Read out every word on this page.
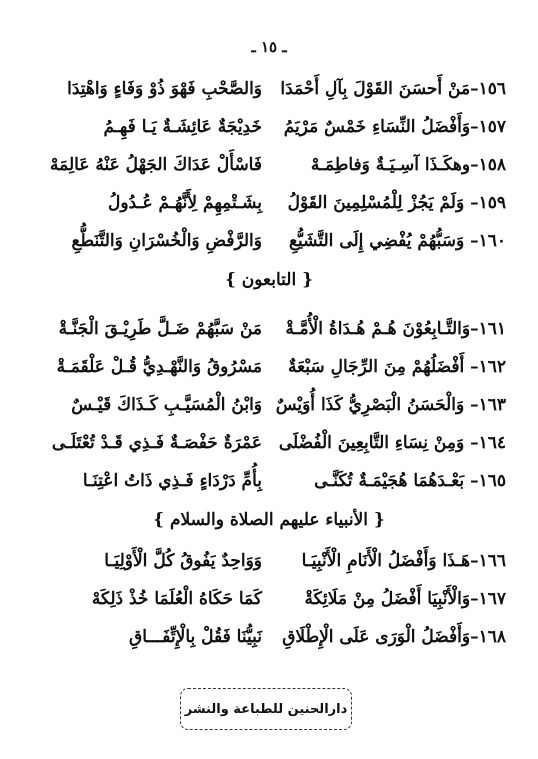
ـ ١٥ ـ
١٥٦–مَنْ أَحسَنَ القَوْلَ بِآلِ أَحْمَدَا
وَالصَّحْبِ فَهْوَ ذُوْ وَفَاءٍ وَاهْتِدَا
١٥٧–وَأَفْضَلُ النِّسَاءِ خَمْسٌ مَرْيَمُ
خَدِيْجَةٌ عَائِشَـةٌ يَـا فَهِـمُ
١٥٨–وهكَـذَا آسِـيَـةٌ وَفاطِمَـهْ
فَاسْأَلْ عَدَاكَ الجَهْلُ عَنْهُ عَالِمَهْ
١٥٩– وَلَمْ يَجُزْ لِلْمُسْلِمِينَ القَوْلُ
بِشَـتْمِهِمْ لِأَنَّهُـمْ عُـدُولُ
١٦٠– وَسَبُّهُمْ يُفْضِي إِلَى التَّشَيُّعِ
وَالرَّفْضِ وَالْخُسْرَانِ وَالتَّنَطُّعِ
{ التابعون }
١٦١–وَالتَّـابِعُوْنَ هُـمْ هُـدَاةُ الْأُمَّـةْ
مَنْ سَبَّهُمْ ضَـلَّ طَرِيْـقَ الْجَنَّـةْ
١٦٢– أَفْضَلُهُمْ مِنَ الرِّجَالِ سَبْعَةٌ
مَسْرُوقُ وَالنَّهْـدِيُّ قُـلْ عَلْقَمَـةْ
١٦٣– وَالْحَسَنُ الْبَصْرِيُّ كَذَا أُوَيْسٌ
وَابْنُ الْمُسَيَّـبِ كَـذَاكَ قَيْـسٌ
١٦٤– وَمِنْ نِسَاءِ التَّابِعِينَ الْفُضْلَى
عَمْرَةٌ حَفْصَـةٌ فَـذِي قَـدْ تُعْتَلَـى
١٦٥– بَعْـدَهُمَا هُجَيْمَـةٌ تُكَنَّـى
بِأُمِّ دَرْدَاءٍ فَـذِي ذَاتُ اعْتِنَـا
{ الأنبياء عليهم الصلاة والسلام }
١٦٦–هَـذَا وَأَفْضَلُ الْأَنَامِ الْأَنْبِيَـا
وَوَاحِدٌ يَفُوقُ كُلَّ الْأَوْلِيَـا
١٦٧–وَالْأَنْبِيَا أَفْضَلُ مِنْ مَلَائِكَةْ
كَمَا حَكَاهُ الْعُلَمَا خُذْ ذَلِكَهْ
١٦٨–وَأَفْضَلُ الْوَرَى عَلَى الْإِطْلَاقِ
نَبِيُّنَا فَقُلْ بِالْإِتِّفَـــاقِ
دارالحنين للطباعة والنشر
